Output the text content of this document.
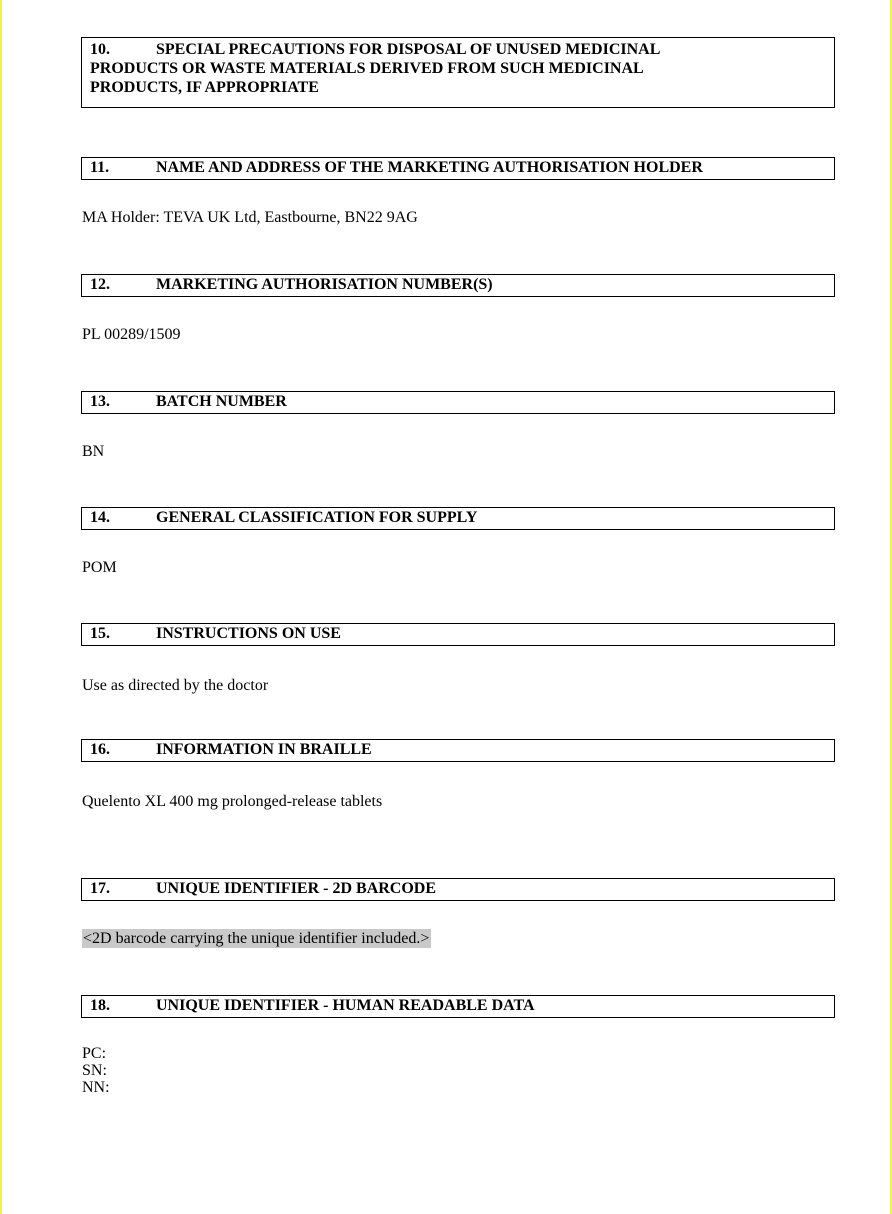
10.	SPECIAL PRECAUTIONS FOR DISPOSAL OF UNUSED MEDICINAL
PRODUCTS OR WASTE MATERIALS DERIVED FROM SUCH MEDICINAL
PRODUCTS, IF APPROPRIATE
11.	NAME AND ADDRESS OF THE MARKETING AUTHORISATION HOLDER
MA Holder: TEVA UK Ltd, Eastbourne, BN22 9AG
12.	MARKETING AUTHORISATION NUMBER(S)
PL 00289/1509
13.	BATCH NUMBER
BN
14.	GENERAL CLASSIFICATION FOR SUPPLY
POM
15.	INSTRUCTIONS ON USE
Use as directed by the doctor
16.	INFORMATION IN BRAILLE
Quelento XL 400 mg prolonged-release tablets
17.	UNIQUE IDENTIFIER - 2D BARCODE
<2D barcode carrying the unique identifier included.>
18.	UNIQUE IDENTIFIER - HUMAN READABLE DATA
PC:
SN:
NN:
